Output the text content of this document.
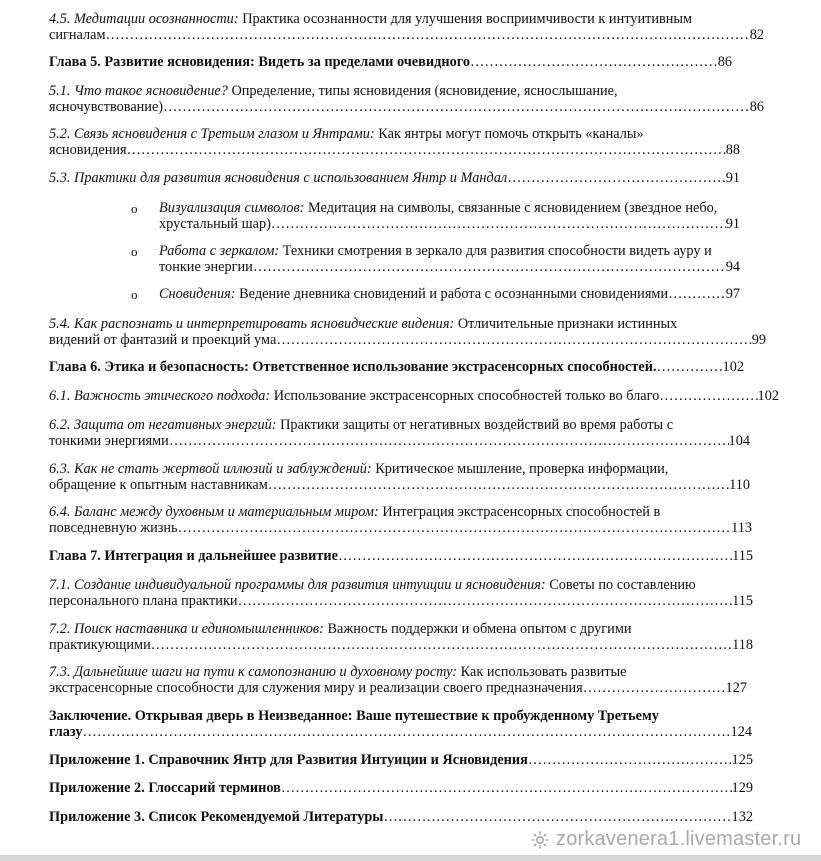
4.5. Медитации осознанности: Практика осознанности для улучшения восприимчивости к интуитивным
сигналам …………………………………………………………………………………………………………………………………………………………………………………………………………………………………………………………………………………………	82
Глава 5. Развитие ясновидения: Видеть за пределами очевидного …………………………………………………………………………………………………………………………………………………………………………………………………………………………………………………………………………………………	86
5.1. Что такое ясновидение? Определение, типы ясновидения (ясновидение, яснослышание,
ясночувствование) …………………………………………………………………………………………………………………………………………………………………………………………………………………………………………………………………………………………	86
5.2. Связь ясновидения с Третьим глазом и Янтрами: Как янтры могут помочь открыть «каналы»
ясновидения …………………………………………………………………………………………………………………………………………………………………………………………………………………………………………………………………………………………	88
5.3. Практики для развития ясновидения с использованием Янтр и Мандал …………………………………………………………………………………………………………………………………………………………………………………………………………………………………………………………………………………………	91
o Визуализация символов: Медитация на символы, связанные с ясновидением (звездное небо,
хрустальный шар) …………………………………………………………………………………………………………………………………………………………………………………………………………………………………………………………………………………………	91
o Работа с зеркалом: Техники смотрения в зеркало для развития способности видеть ауру и
тонкие энергии …………………………………………………………………………………………………………………………………………………………………………………………………………………………………………………………………………………………	94
o Сновидения: Ведение дневника сновидений и работа с осознанными сновидениями …………………………………………………………………………………………………………………………………………………………………………………………………………………………………………………………………………………………	97
5.4. Как распознать и интерпретировать ясновидческие видения: Отличительные признаки истинных
видений от фантазий и проекций ума …………………………………………………………………………………………………………………………………………………………………………………………………………………………………………………………………………………………	99
Глава 6. Этика и безопасность: Ответственное использование экстрасенсорных способностей. …………………………………………………………………………………………………………………………………………………………………………………………………………………………………………………………………………………………	102
6.1. Важность этического подхода: Использование экстрасенсорных способностей только во благо …………………………………………………………………………………………………………………………………………………………………………………………………………………………………………………………………………………………	102
6.2. Защита от негативных энергий: Практики защиты от негативных воздействий во время работы с
тонкими энергиями …………………………………………………………………………………………………………………………………………………………………………………………………………………………………………………………………………………………	104
6.3. Как не стать жертвой иллюзий и заблуждений: Критическое мышление, проверка информации,
обращение к опытным наставникам …………………………………………………………………………………………………………………………………………………………………………………………………………………………………………………………………………………………	110
6.4. Баланс между духовным и материальным миром: Интеграция экстрасенсорных способностей в
повседневную жизнь …………………………………………………………………………………………………………………………………………………………………………………………………………………………………………………………………………………………	113
Глава 7. Интеграция и дальнейшее развитие …………………………………………………………………………………………………………………………………………………………………………………………………………………………………………………………………………………………	115
7.1. Создание индивидуальной программы для развития интуиции и ясновидения: Советы по составлению
персонального плана практики …………………………………………………………………………………………………………………………………………………………………………………………………………………………………………………………………………………………	115
7.2. Поиск наставника и единомышленников: Важность поддержки и обмена опытом с другими
практикующими …………………………………………………………………………………………………………………………………………………………………………………………………………………………………………………………………………………………	118
7.3. Дальнейшие шаги на пути к самопознанию и духовному росту: Как использовать развитые
экстрасенсорные способности для служения миру и реализации своего предназначения …………………………………………………………………………………………………………………………………………………………………………………………………………………………………………………………………………………………	127
Заключение. Открывая дверь в Неизведанное: Ваше путешествие к пробужденному Третьему
глазу …………………………………………………………………………………………………………………………………………………………………………………………………………………………………………………………………………………………	124
Приложение 1. Справочник Янтр для Развития Интуиции и Ясновидения …………………………………………………………………………………………………………………………………………………………………………………………………………………………………………………………………………………………	125
Приложение 2. Глоссарий терминов …………………………………………………………………………………………………………………………………………………………………………………………………………………………………………………………………………………………	129
Приложение 3. Список Рекомендуемой Литературы …………………………………………………………………………………………………………………………………………………………………………………………………………………………………………………………………………………………	132
zorkavenera1.livemaster.ru
